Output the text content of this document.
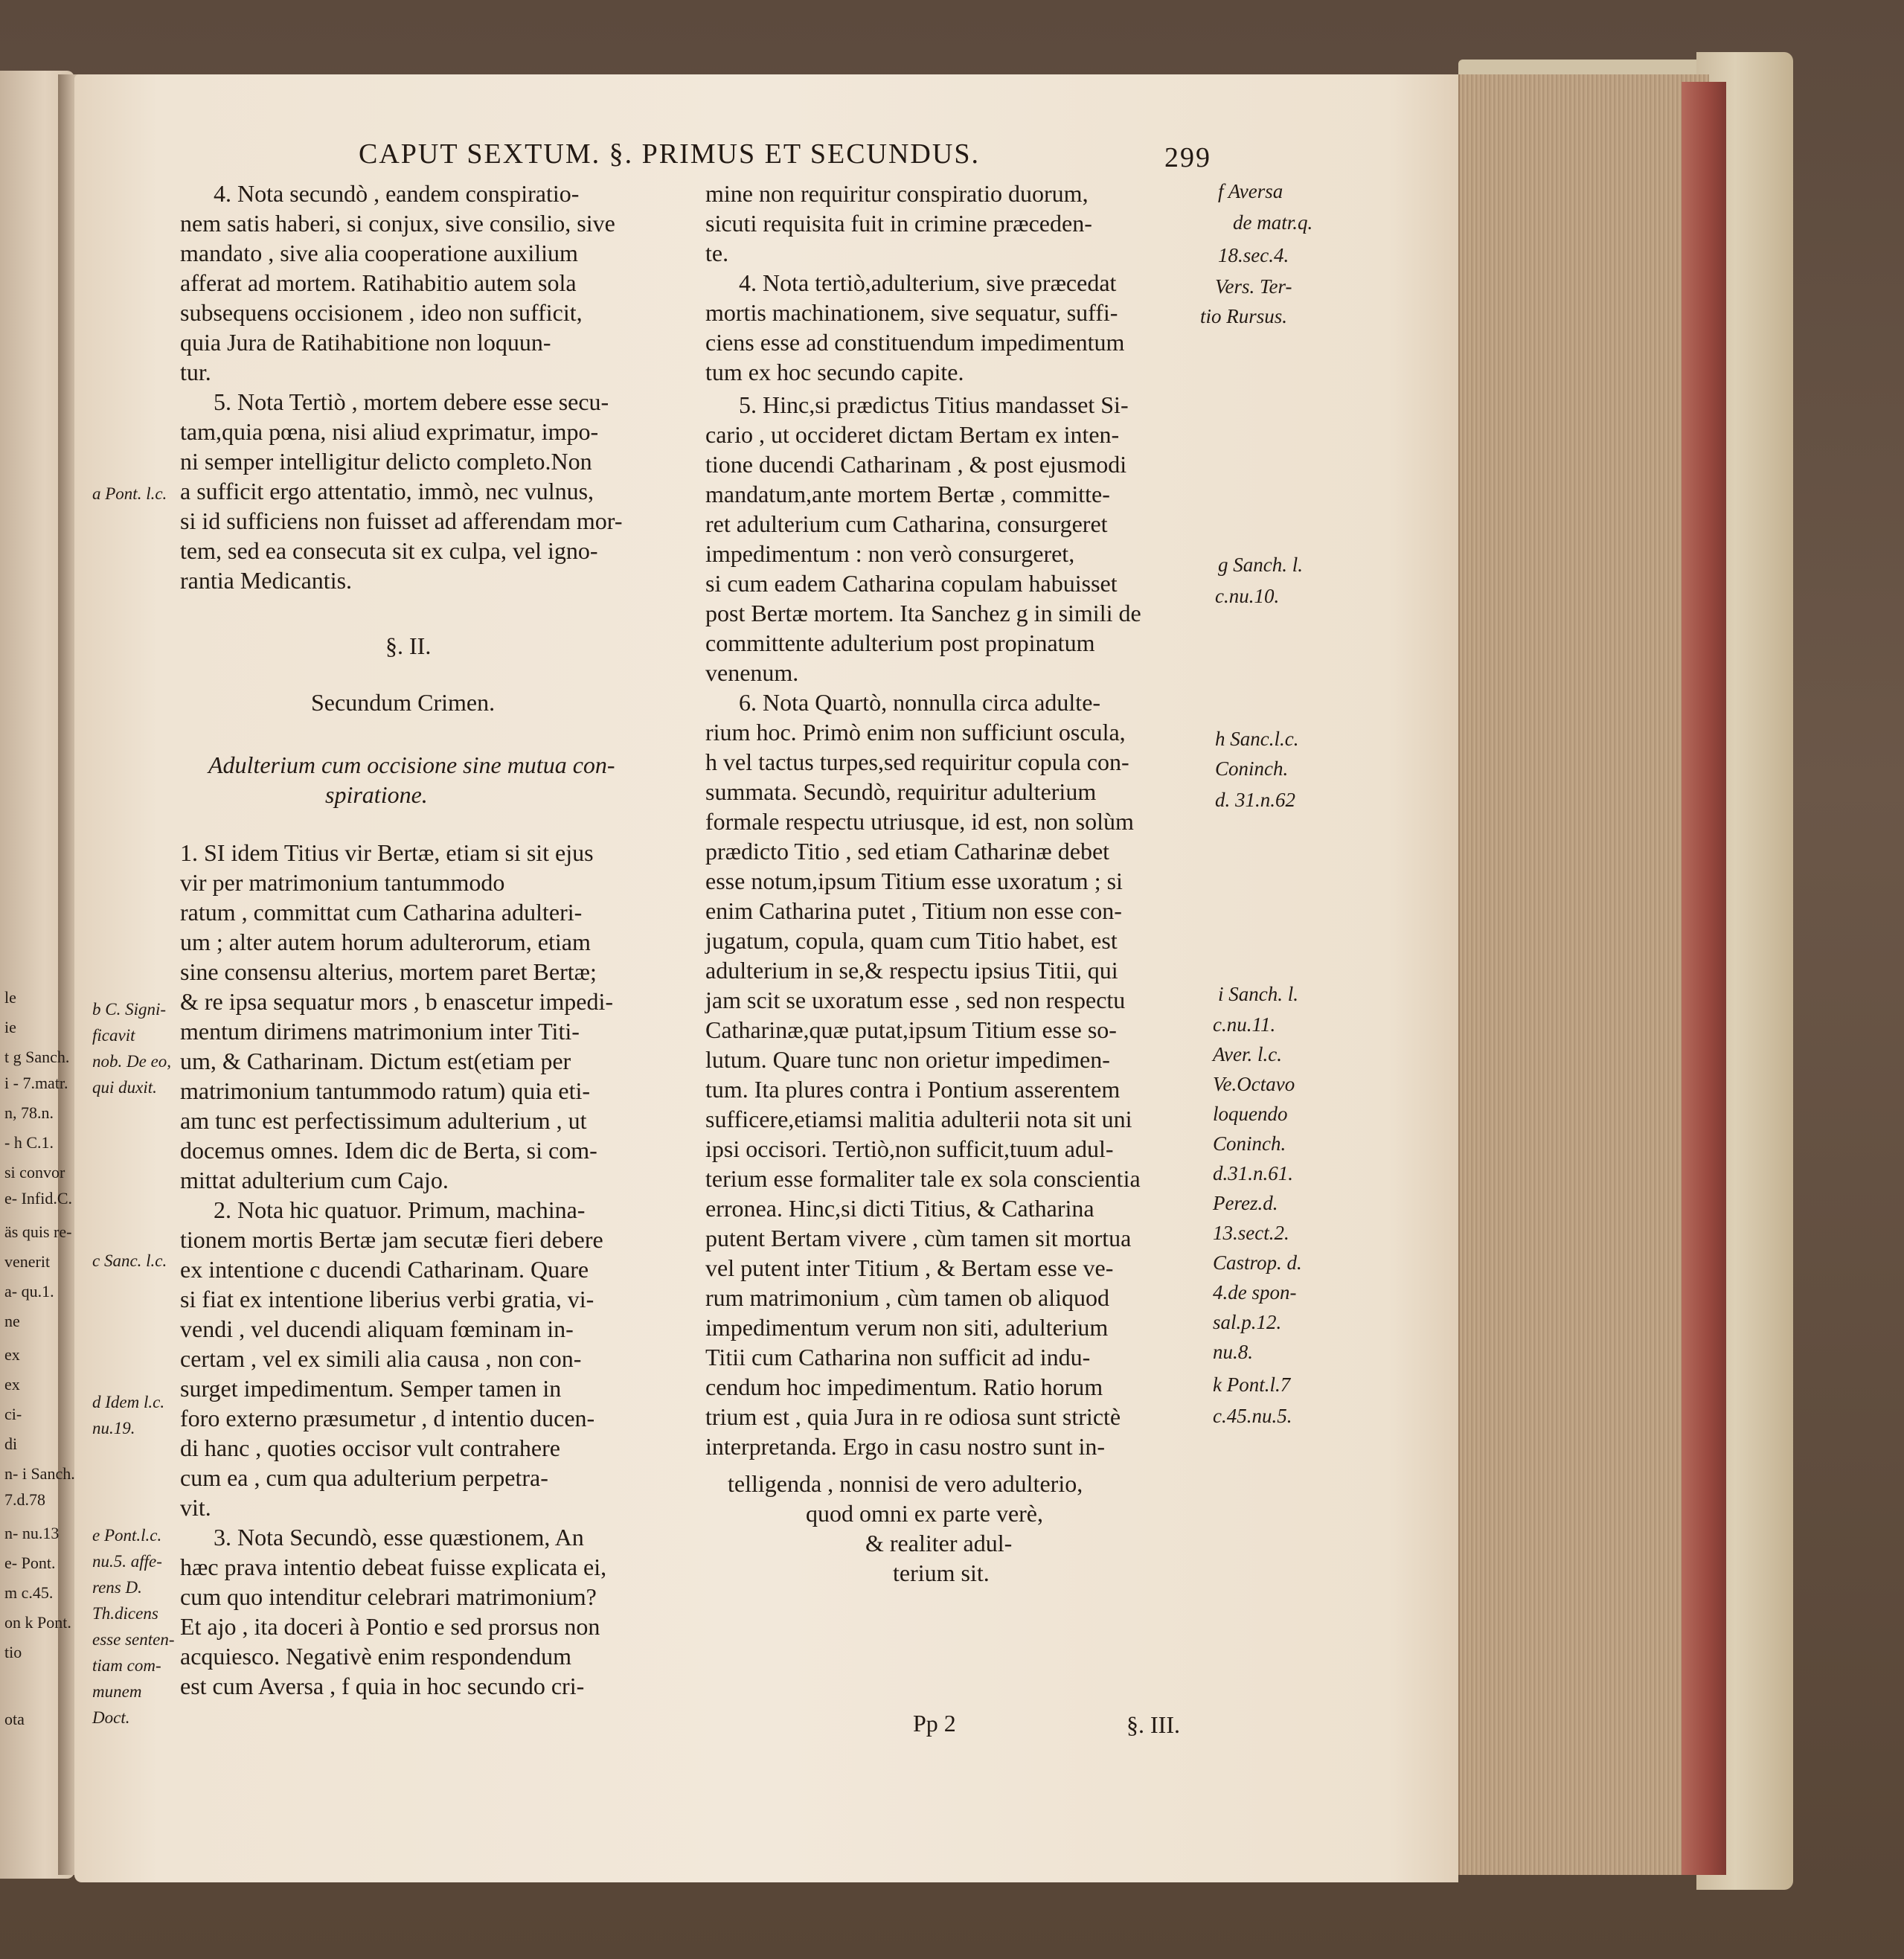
CAPUT SEXTUM. §. PRIMUS ET SECUNDUS.	299
le
ie
t g Sanch.
i - 7.matr.
n, 78.n.
- h C.1.
si convor
e- Infid.C.
äs quis re-
venerit
a- qu.1.
ne
ex
ex
ci-
di
n- i Sanch.
7.d.78
n- nu.13
e- Pont.
m c.45.
on k Pont.
tio
ota
4. Nota secundò , eandem conspiratio-
nem satis haberi, si conjux, sive consilio, sive
mandato , sive alia cooperatione auxilium
afferat ad mortem. Ratihabitio autem sola
subsequens occisionem , ideo non sufficit,
quia Jura de Ratihabitione non loquun-
tur.
5. Nota Tertiò , mortem debere esse secu-
tam,quia pœna, nisi aliud exprimatur, impo-
ni semper intelligitur delicto completo.Non
a sufficit ergo attentatio, immò, nec vulnus,
si id sufficiens non fuisset ad afferendam mor-
tem, sed ea consecuta sit ex culpa, vel igno-
rantia Medicantis.
§. II.
Secundum Crimen.
Adulterium cum occisione sine mutua con-
spiratione.
1. SI idem Titius vir Bertæ, etiam si sit ejus
vir per matrimonium tantummodo
ratum , committat cum Catharina adulteri-
um ; alter autem horum adulterorum, etiam
sine consensu alterius, mortem paret Bertæ;
& re ipsa sequatur mors , b enascetur impedi-
mentum dirimens matrimonium inter Titi-
um, & Catharinam. Dictum est(etiam per
matrimonium tantummodo ratum) quia eti-
am tunc est perfectissimum adulterium , ut
docemus omnes. Idem dic de Berta, si com-
mittat adulterium cum Cajo.
2. Nota hic quatuor. Primum, machina-
tionem mortis Bertæ jam secutæ fieri debere
ex intentione c ducendi Catharinam. Quare
si fiat ex intentione liberius verbi gratia, vi-
vendi , vel ducendi aliquam fœminam in-
certam , vel ex simili alia causa , non con-
surget impedimentum. Semper tamen in
foro externo præsumetur , d intentio ducen-
di hanc , quoties occisor vult contrahere
cum ea , cum qua adulterium perpetra-
vit.
3. Nota Secundò, esse quæstionem, An
hæc prava intentio debeat fuisse explicata ei,
cum quo intenditur celebrari matrimonium?
Et ajo , ita doceri à Pontio e sed prorsus non
acquiesco. Negativè enim respondendum
est cum Aversa , f quia in hoc secundo cri-
a Pont. l.c.
b C. Signi-
ficavit
nob. De eo,
qui duxit.
c Sanc. l.c.
d Idem l.c.
nu.19.
e Pont.l.c.
nu.5. affe-
rens D.
Th.dicens
esse senten-
tiam com-
munem
Doct.
mine non requiritur conspiratio duorum,
sicuti requisita fuit in crimine præceden-
te.
4. Nota tertiò,adulterium, sive præcedat
mortis machinationem, sive sequatur, suffi-
ciens esse ad constituendum impedimentum
tum ex hoc secundo capite.
5. Hinc,si prædictus Titius mandasset Si-
cario , ut occideret dictam Bertam ex inten-
tione ducendi Catharinam , & post ejusmodi
mandatum,ante mortem Bertæ , committe-
ret adulterium cum Catharina, consurgeret
impedimentum : non verò consurgeret,
si cum eadem Catharina copulam habuisset
post Bertæ mortem. Ita Sanchez g in simili de
committente adulterium post propinatum
venenum.
6. Nota Quartò, nonnulla circa adulte-
rium hoc. Primò enim non sufficiunt oscula,
h vel tactus turpes,sed requiritur copula con-
summata. Secundò, requiritur adulterium
formale respectu utriusque, id est, non solùm
prædicto Titio , sed etiam Catharinæ debet
esse notum,ipsum Titium esse uxoratum ; si
enim Catharina putet , Titium non esse con-
jugatum, copula, quam cum Titio habet, est
adulterium in se,& respectu ipsius Titii, qui
jam scit se uxoratum esse , sed non respectu
Catharinæ,quæ putat,ipsum Titium esse so-
lutum. Quare tunc non orietur impedimen-
tum. Ita plures contra i Pontium asserentem
sufficere,etiamsi malitia adulterii nota sit uni
ipsi occisori. Tertiò,non sufficit,tuum adul-
terium esse formaliter tale ex sola conscientia
erronea. Hinc,si dicti Titius, & Catharina
putent Bertam vivere , cùm tamen sit mortua
vel putent inter Titium , & Bertam esse ve-
rum matrimonium , cùm tamen ob aliquod
impedimentum verum non siti, adulterium
Titii cum Catharina non sufficit ad indu-
cendum hoc impedimentum. Ratio horum
trium est , quia Jura in re odiosa sunt strictè
interpretanda. Ergo in casu nostro sunt in-
telligenda , nonnisi de vero adulterio,
quod omni ex parte verè,
& realiter adul-
terium sit.
Pp 2	§. III.
f Aversa
de matr.q.
18.sec.4.
Vers. Ter-
tio Rursus.
g Sanch. l.
c.nu.10.
h Sanc.l.c.
Coninch.
d. 31.n.62
i Sanch. l.
c.nu.11.
Aver. l.c.
Ve.Octavo
loquendo
Coninch.
d.31.n.61.
Perez.d.
13.sect.2.
Castrop. d.
4.de spon-
sal.p.12.
nu.8.
k Pont.l.7
c.45.nu.5.
